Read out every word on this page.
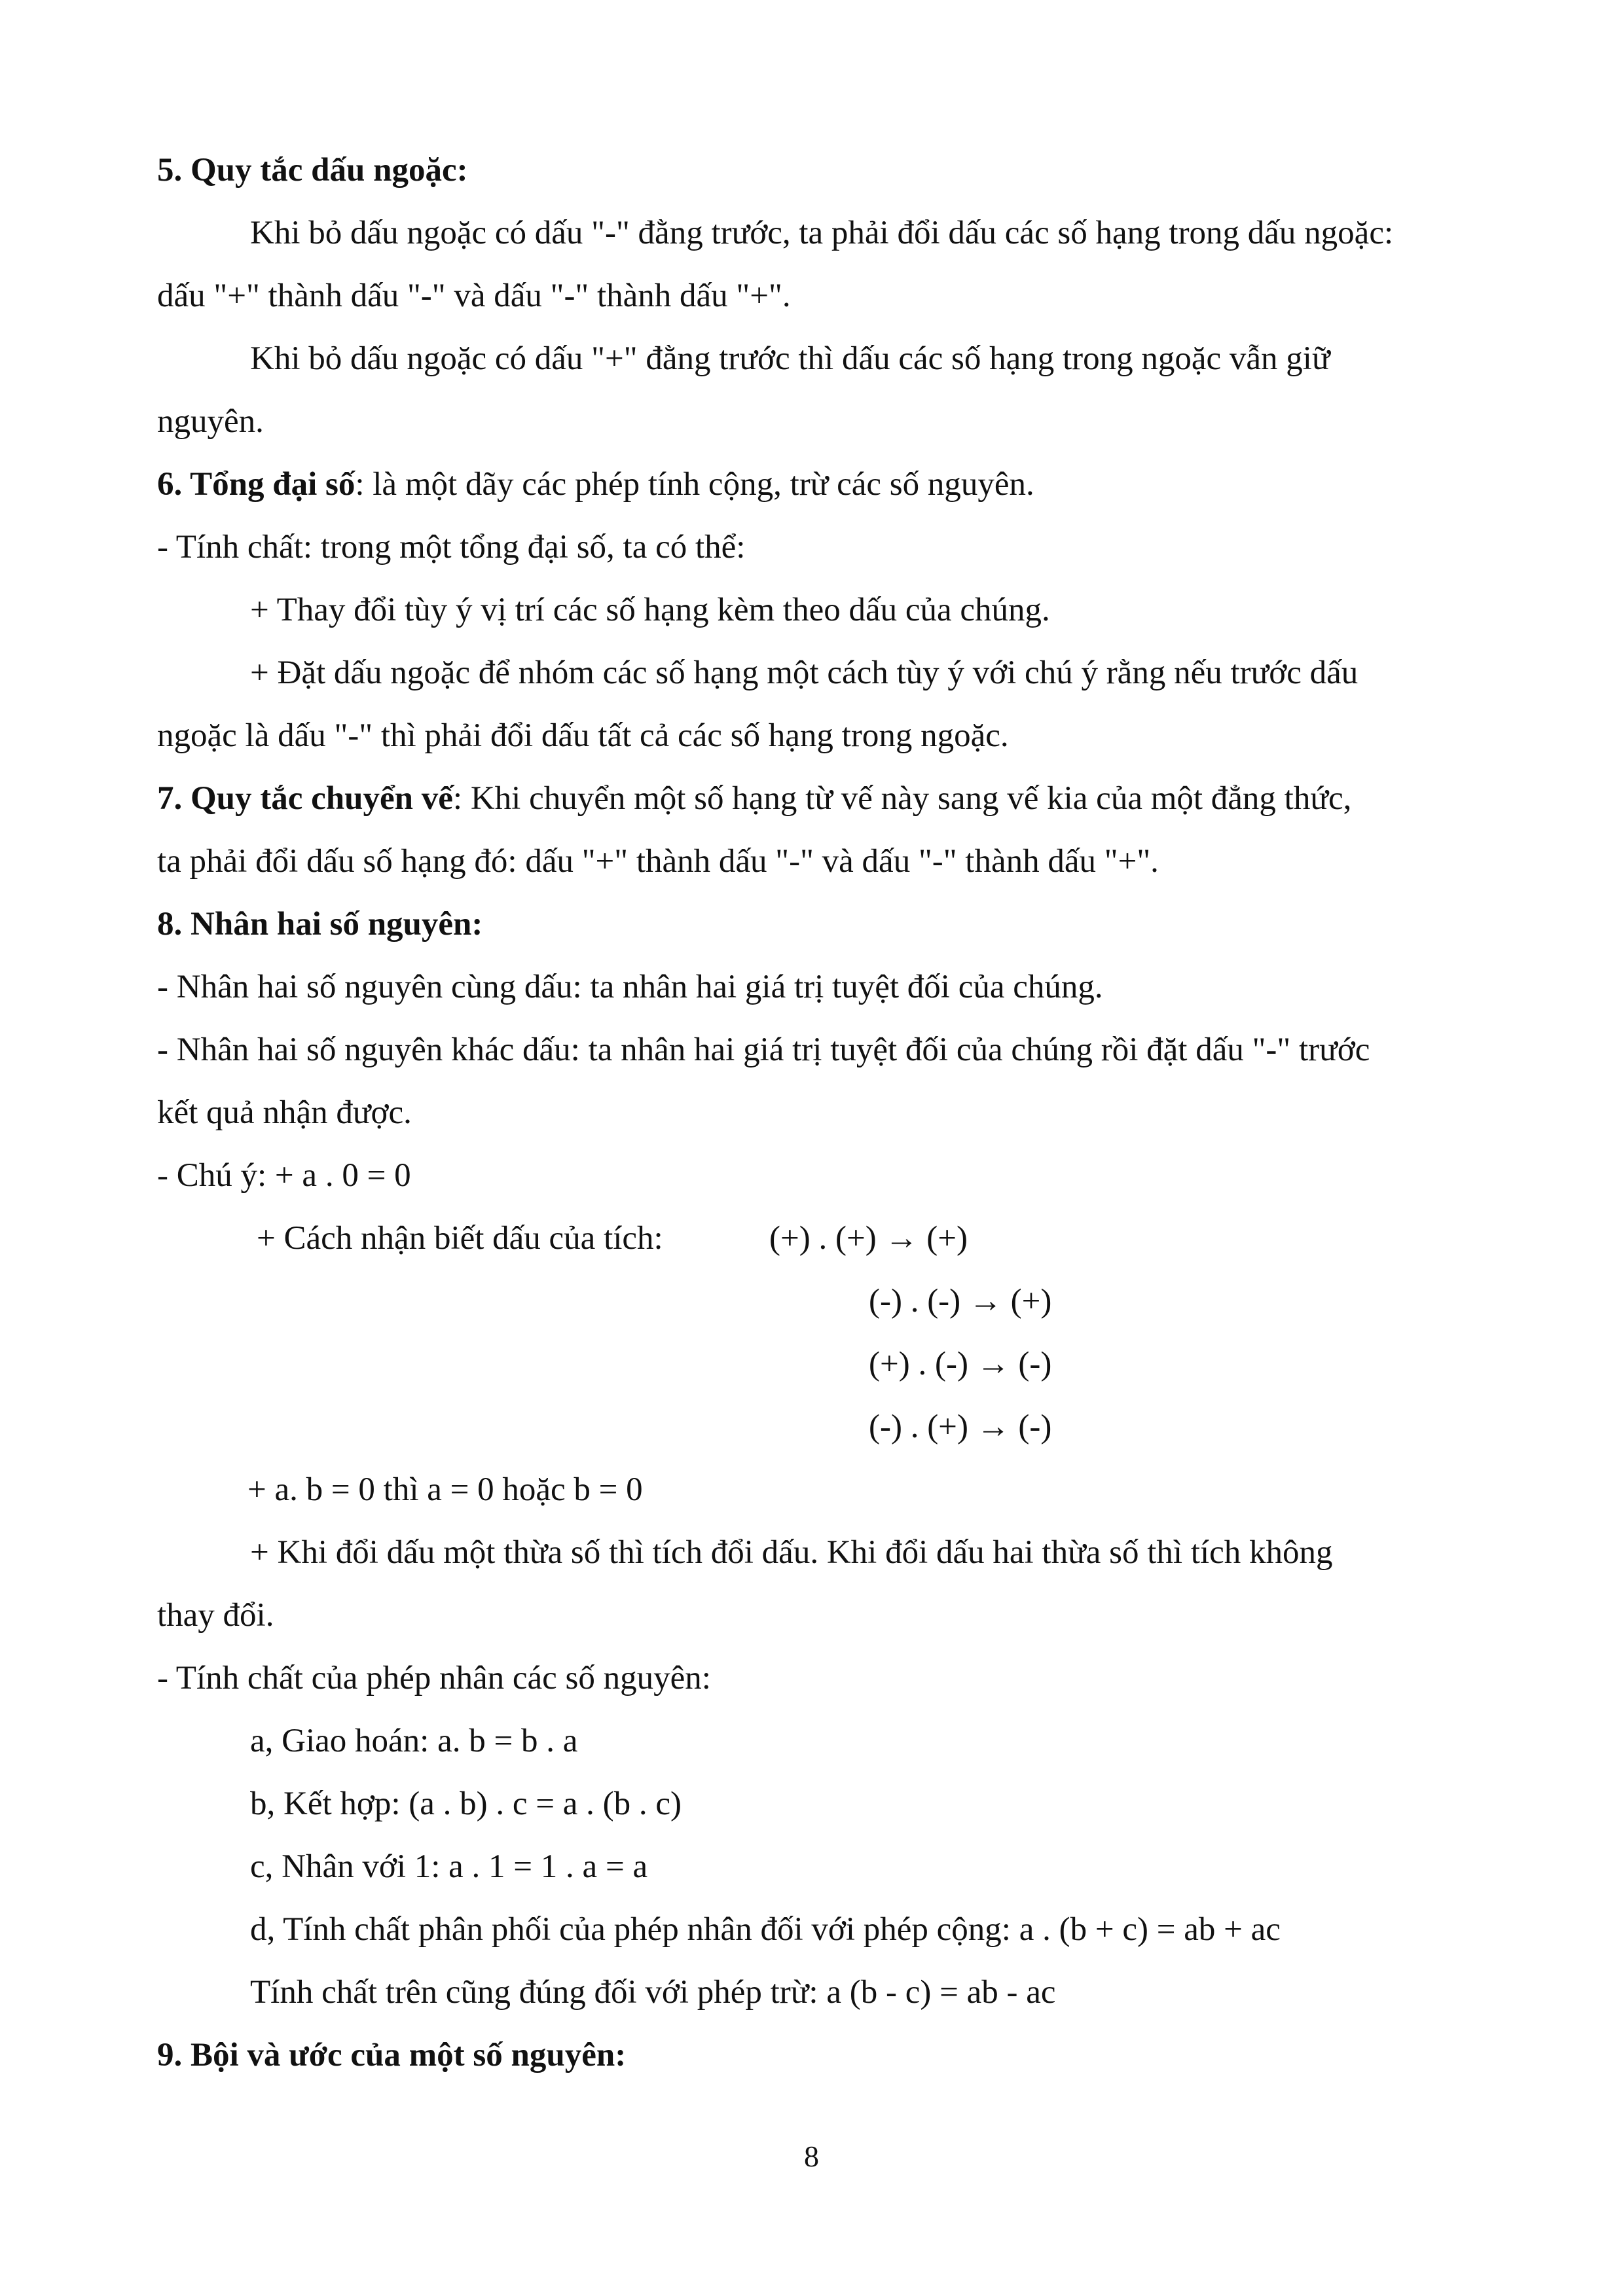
5. Quy tắc dấu ngoặc:

Khi bỏ dấu ngoặc có dấu "-" đằng trước, ta phải đổi dấu các số hạng trong dấu ngoặc:

dấu "+" thành dấu "-" và dấu "-" thành dấu "+".

Khi bỏ dấu ngoặc có dấu "+" đằng trước thì dấu các số hạng trong ngoặc vẫn giữ

nguyên.

6. Tổng đại số: là một dãy các phép tính cộng, trừ các số nguyên.

- Tính chất: trong một tổng đại số, ta có thể:

+ Thay đổi tùy ý vị trí các số hạng kèm theo dấu của chúng.

+ Đặt dấu ngoặc để nhóm các số hạng một cách tùy ý với chú ý rằng nếu trước dấu

ngoặc là dấu "-" thì phải đổi dấu tất cả các số hạng trong ngoặc.

7. Quy tắc chuyển vế: Khi chuyển một số hạng từ vế này sang vế kia của một đẳng thức,

ta phải đổi dấu số hạng đó: dấu "+" thành dấu "-" và dấu "-" thành dấu "+".

8. Nhân hai số nguyên:

- Nhân hai số nguyên cùng dấu: ta nhân hai giá trị tuyệt đối của chúng.

- Nhân hai số nguyên khác dấu: ta nhân hai giá trị tuyệt đối của chúng rồi đặt dấu "-" trước

kết quả nhận được.

- Chú ý: + a . 0 = 0

+ Cách nhận biết dấu của tích:	(+) . (+) → (+)

(-) . (-) → (+)

(+) . (-) → (-)

(-) . (+) → (-)

+ a. b = 0 thì a = 0 hoặc b = 0

+ Khi đổi dấu một thừa số thì tích đổi dấu. Khi đổi dấu hai thừa số thì tích không

thay đổi.

- Tính chất của phép nhân các số nguyên:

a, Giao hoán: a. b = b . a

b, Kết hợp: (a . b) . c = a . (b . c)

c, Nhân với 1: a . 1 = 1 . a = a

d, Tính chất phân phối của phép nhân đối với phép cộng: a . (b + c) = ab + ac

Tính chất trên cũng đúng đối với phép trừ: a (b - c) = ab - ac

9. Bội và ước của một số nguyên:

8
